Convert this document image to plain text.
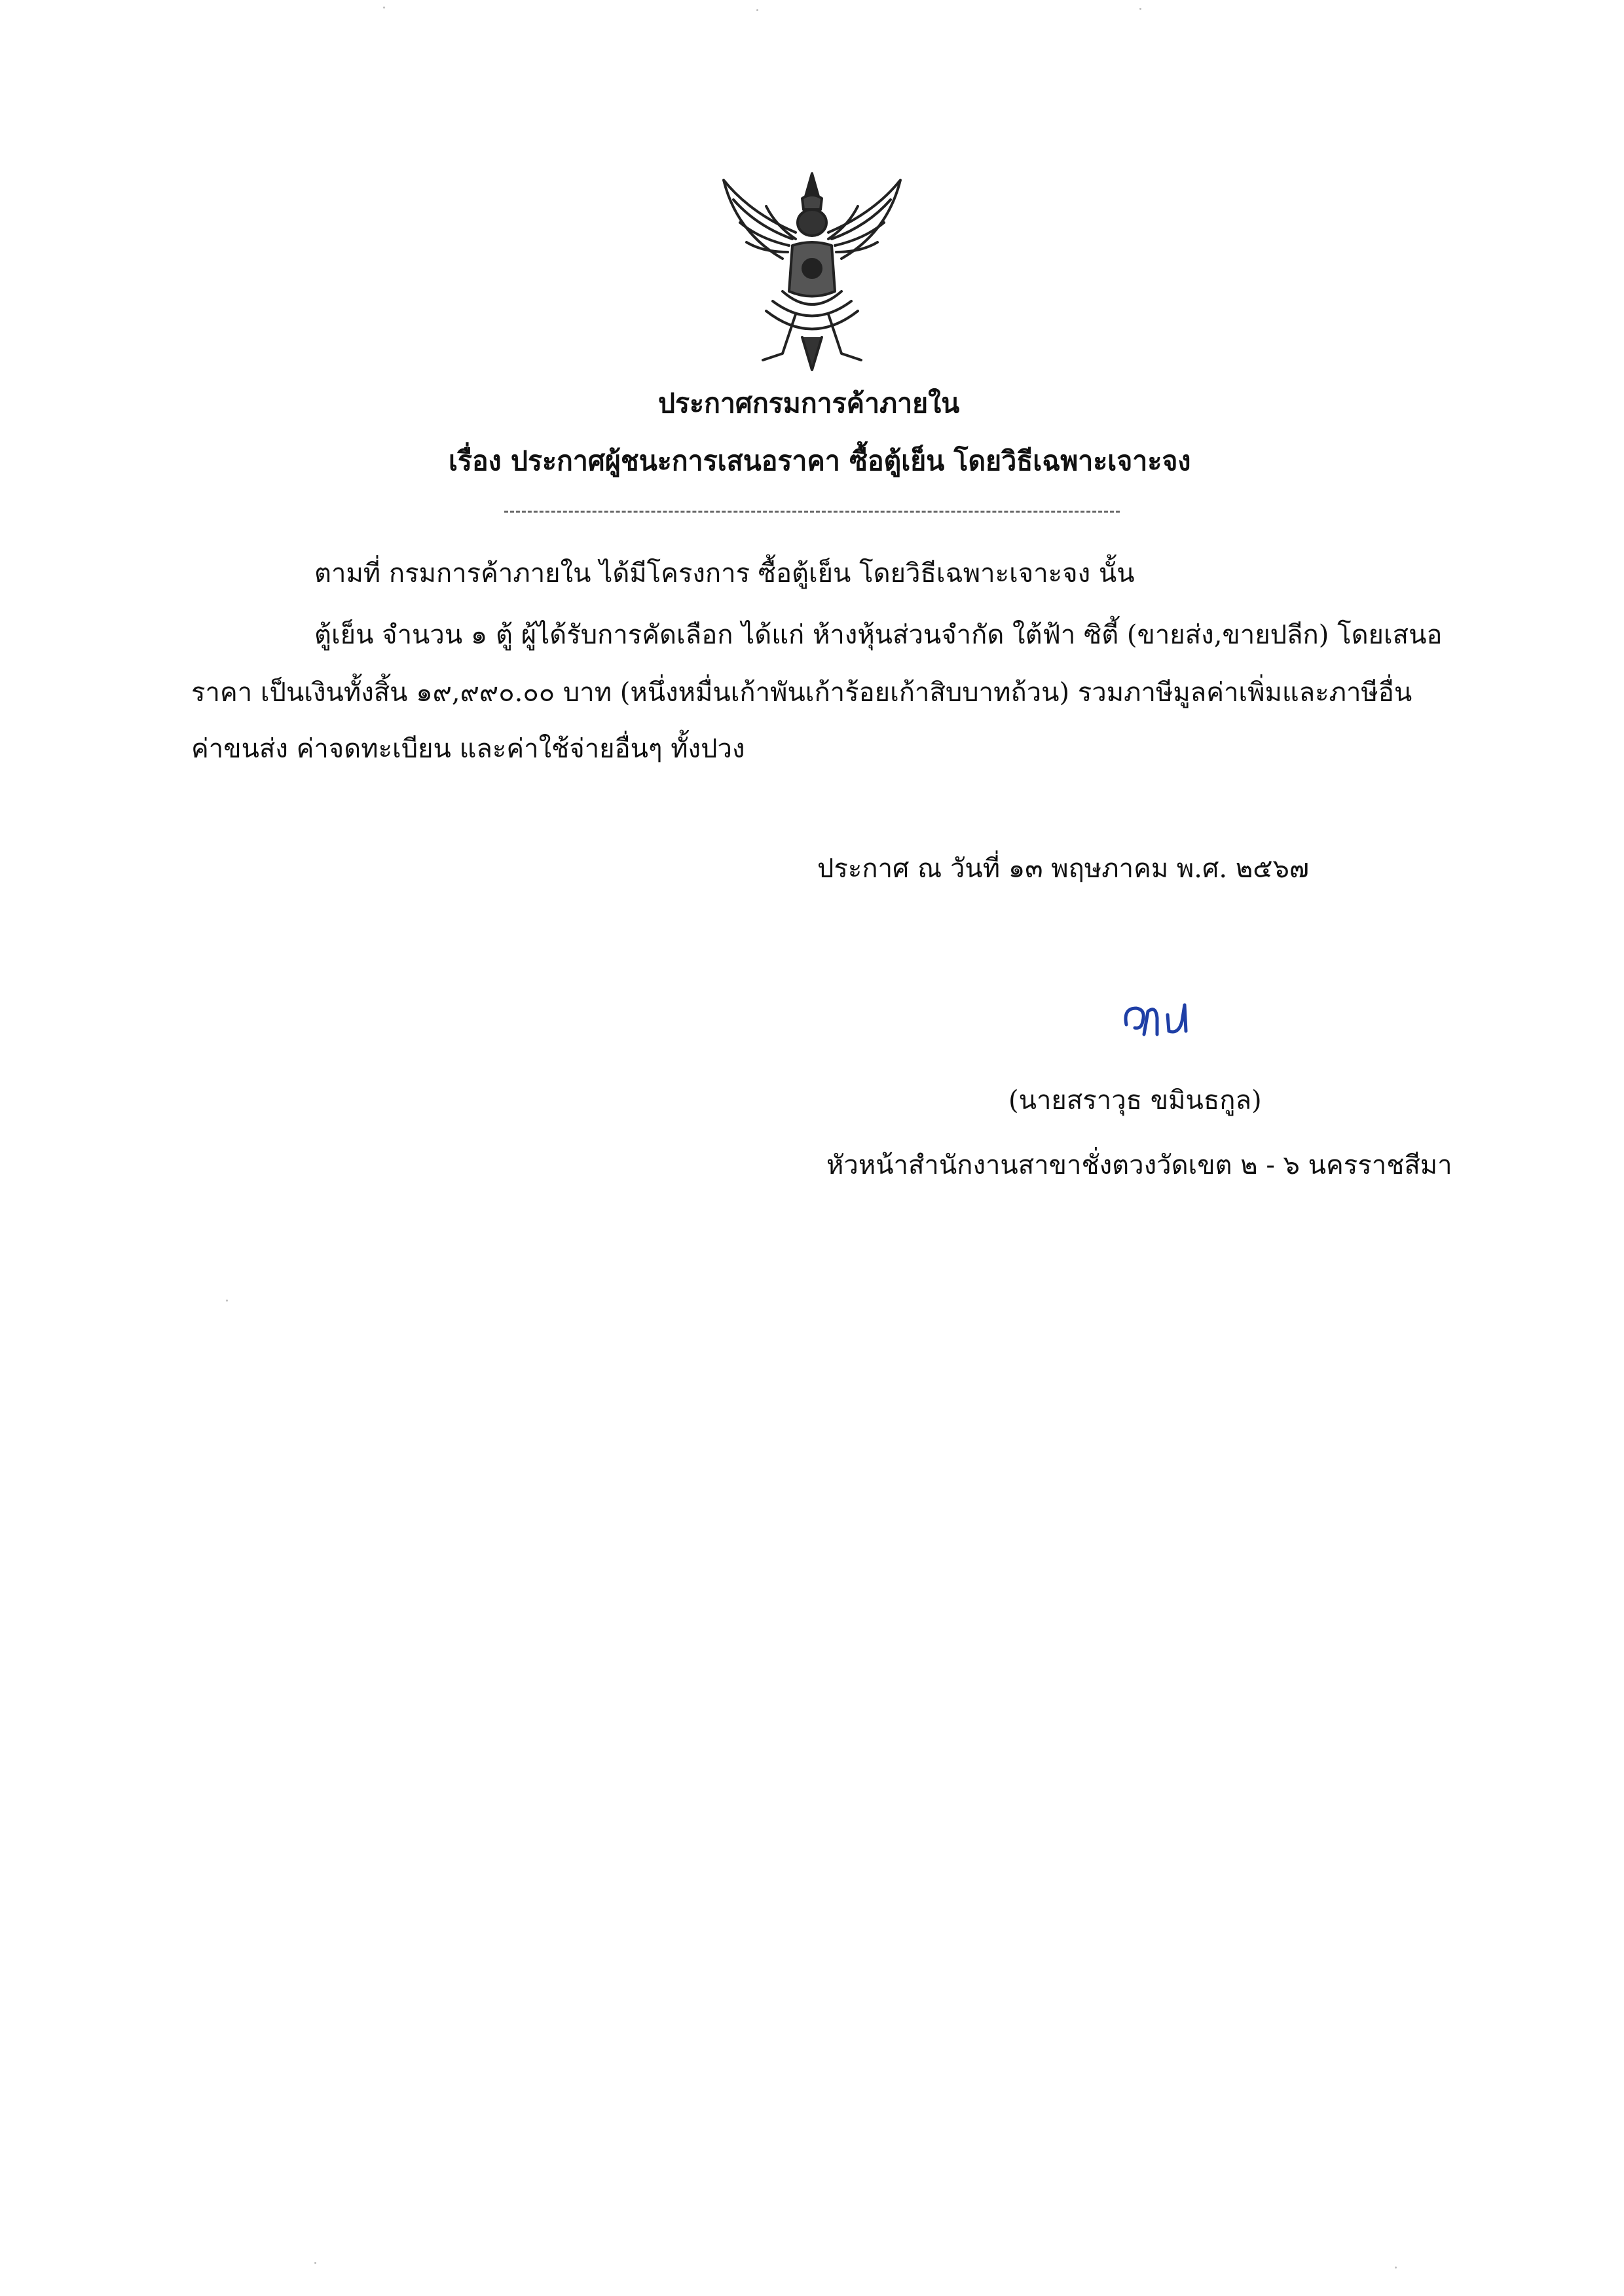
ประกาศกรมการค้าภายใน
เรื่อง ประกาศผู้ชนะการเสนอราคา ซื้อตู้เย็น โดยวิธีเฉพาะเจาะจง
ตามที่ กรมการค้าภายใน ได้มีโครงการ ซื้อตู้เย็น โดยวิธีเฉพาะเจาะจง นั้น
ตู้เย็น จำนวน ๑ ตู้ ผู้ได้รับการคัดเลือก ได้แก่ ห้างหุ้นส่วนจำกัด ใต้ฟ้า ซิตี้ (ขายส่ง,ขายปลีก) โดยเสนอ
ราคา เป็นเงินทั้งสิ้น ๑๙,๙๙๐.๐๐ บาท (หนึ่งหมื่นเก้าพันเก้าร้อยเก้าสิบบาทถ้วน) รวมภาษีมูลค่าเพิ่มและภาษีอื่น
ค่าขนส่ง ค่าจดทะเบียน และค่าใช้จ่ายอื่นๆ ทั้งปวง
ประกาศ ณ วันที่ ๑๓ พฤษภาคม พ.ศ. ๒๕๖๗
(นายสราวุธ ขมินธกูล)
หัวหน้าสำนักงานสาขาชั่งตวงวัดเขต ๒ - ๖ นครราชสีมา
